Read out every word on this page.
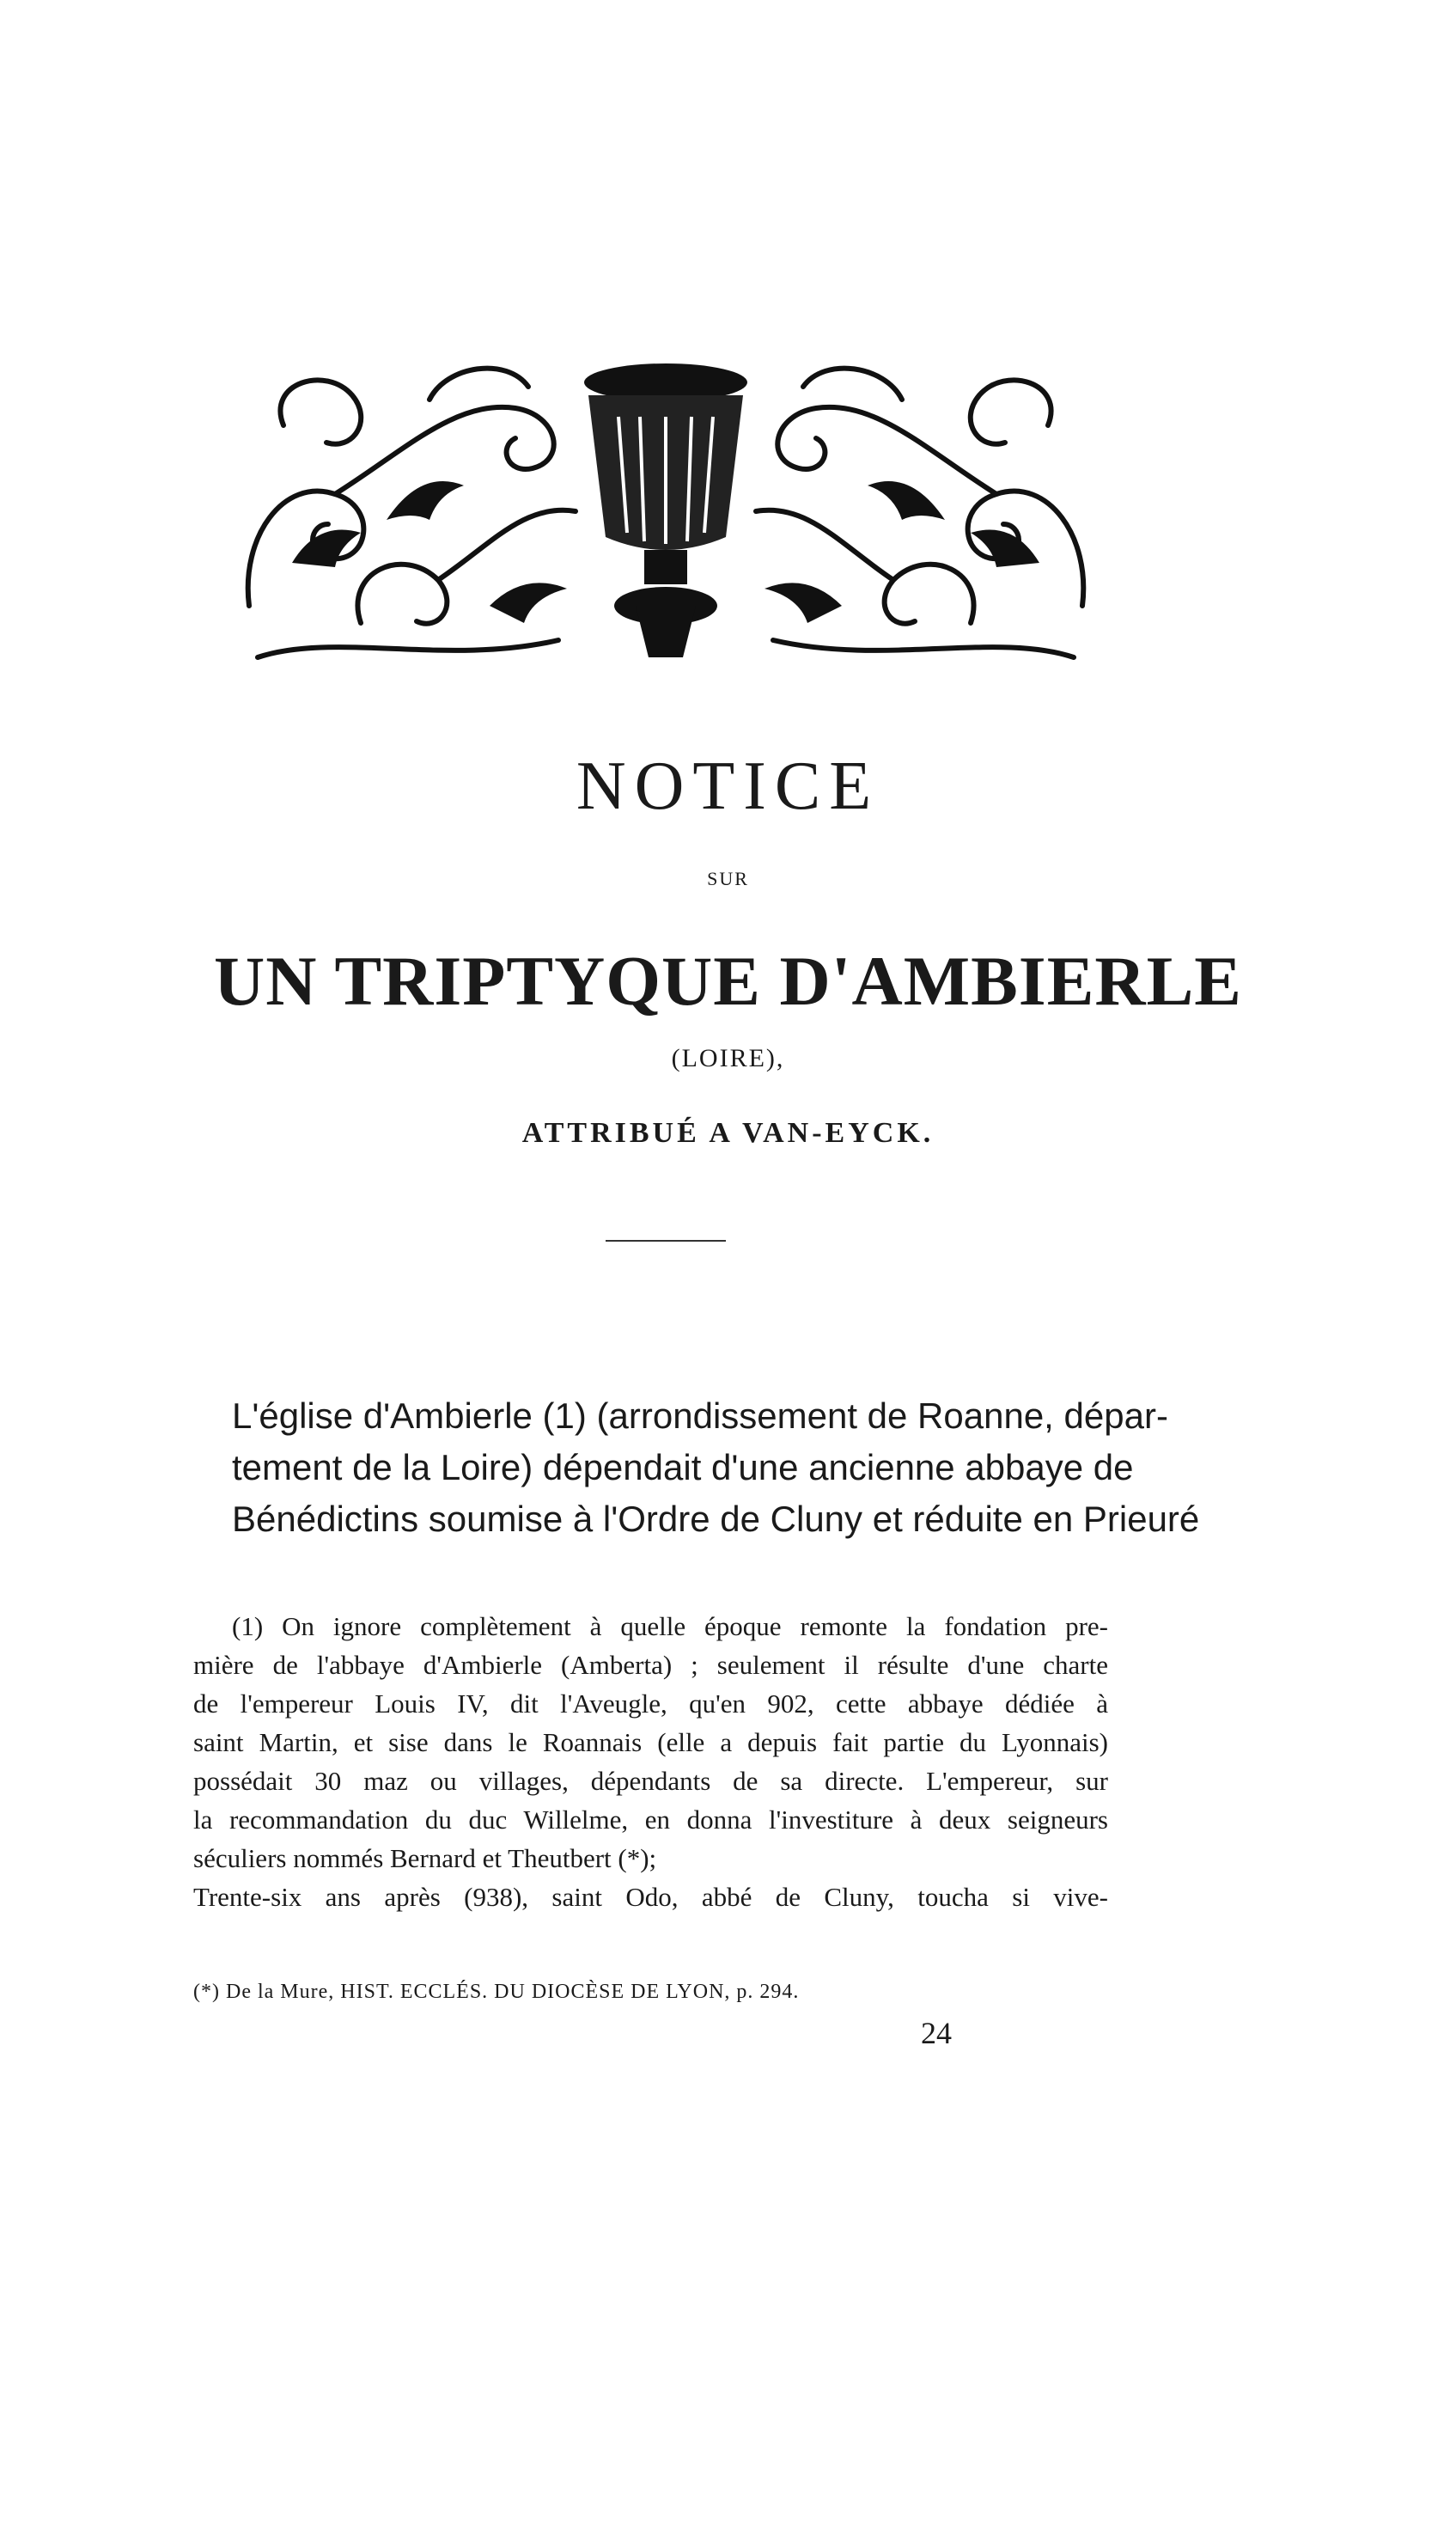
NOTICE
SUR
UN TRIPTYQUE D'AMBIERLE
(LOIRE),
ATTRIBUÉ A VAN-EYCK.
L'église d'Ambierle (1) (arrondissement de Roanne, dépar-
tement de la Loire) dépendait d'une ancienne abbaye de
Bénédictins soumise à l'Ordre de Cluny et réduite en Prieuré
(1) On ignore complètement à quelle époque remonte la fondation pre-
mière de l'abbaye d'Ambierle (Amberta) ; seulement il résulte d'une charte
de l'empereur Louis IV, dit l'Aveugle, qu'en 902, cette abbaye dédiée à
saint Martin, et sise dans le Roannais (elle a depuis fait partie du Lyonnais)
possédait 30 maz ou villages, dépendants de sa directe. L'empereur, sur
la recommandation du duc Willelme, en donna l'investiture à deux seigneurs
séculiers nommés Bernard et Theutbert (*);
Trente-six ans après (938), saint Odo, abbé de Cluny, toucha si vive-
(*) De la Mure, HIST. ECCLÉS. DU DIOCÈSE DE LYON, p. 294.
24
